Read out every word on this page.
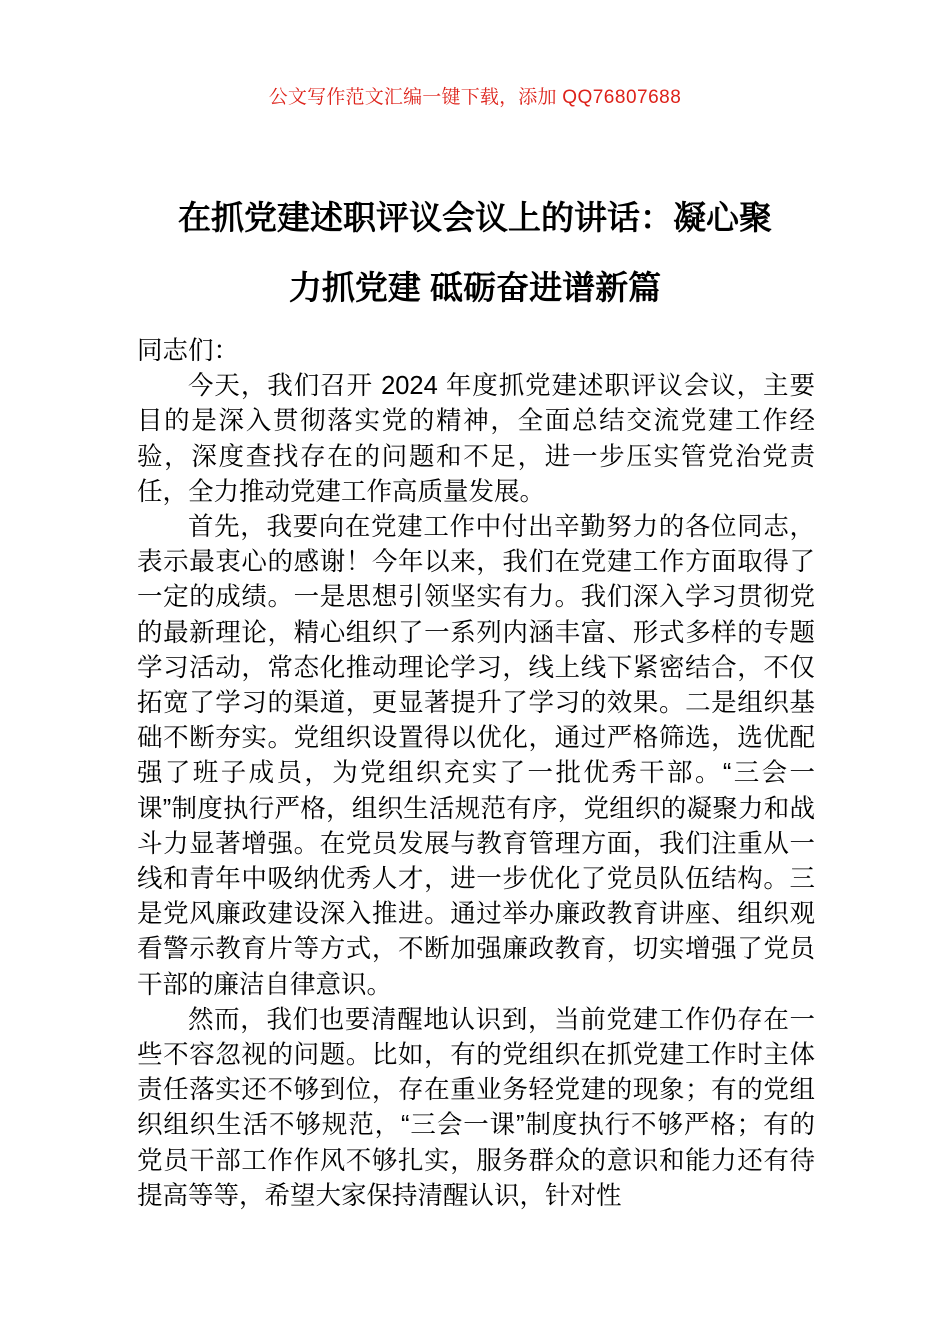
公文写作范文汇编一键下载，添加 QQ76807688
在抓党建述职评议会议上的讲话：凝心聚
力抓党建 砥砺奋进谱新篇

同志们：

今天，我们召开 2024 年度抓党建述职评议会议，主要目的是深入贯彻落实党的精神，全面总结交流党建工作经验，深度查找存在的问题和不足，进一步压实管党治党责任，全力推动党建工作高质量发展。

首先，我要向在党建工作中付出辛勤努力的各位同志，表示最衷心的感谢！今年以来，我们在党建工作方面取得了一定的成绩。一是思想引领坚实有力。我们深入学习贯彻党的最新理论，精心组织了一系列内涵丰富、形式多样的专题学习活动，常态化推动理论学习，线上线下紧密结合，不仅拓宽了学习的渠道，更显著提升了学习的效果。二是组织基础不断夯实。党组织设置得以优化，通过严格筛选，选优配强了班子成员，为党组织充实了一批优秀干部。“三会一课”制度执行严格，组织生活规范有序，党组织的凝聚力和战斗力显著增强。在党员发展与教育管理方面，我们注重从一线和青年中吸纳优秀人才，进一步优化了党员队伍结构。三是党风廉政建设深入推进。通过举办廉政教育讲座、组织观看警示教育片等方式，不断加强廉政教育，切实增强了党员干部的廉洁自律意识。

然而，我们也要清醒地认识到，当前党建工作仍存在一些不容忽视的问题。比如，有的党组织在抓党建工作时主体责任落实还不够到位，存在重业务轻党建的现象；有的党组织组织生活不够规范，“三会一课”制度执行不够严格；有的党员干部工作作风不够扎实，服务群众的意识和能力还有待提高等等，希望大家保持清醒认识，针对性
